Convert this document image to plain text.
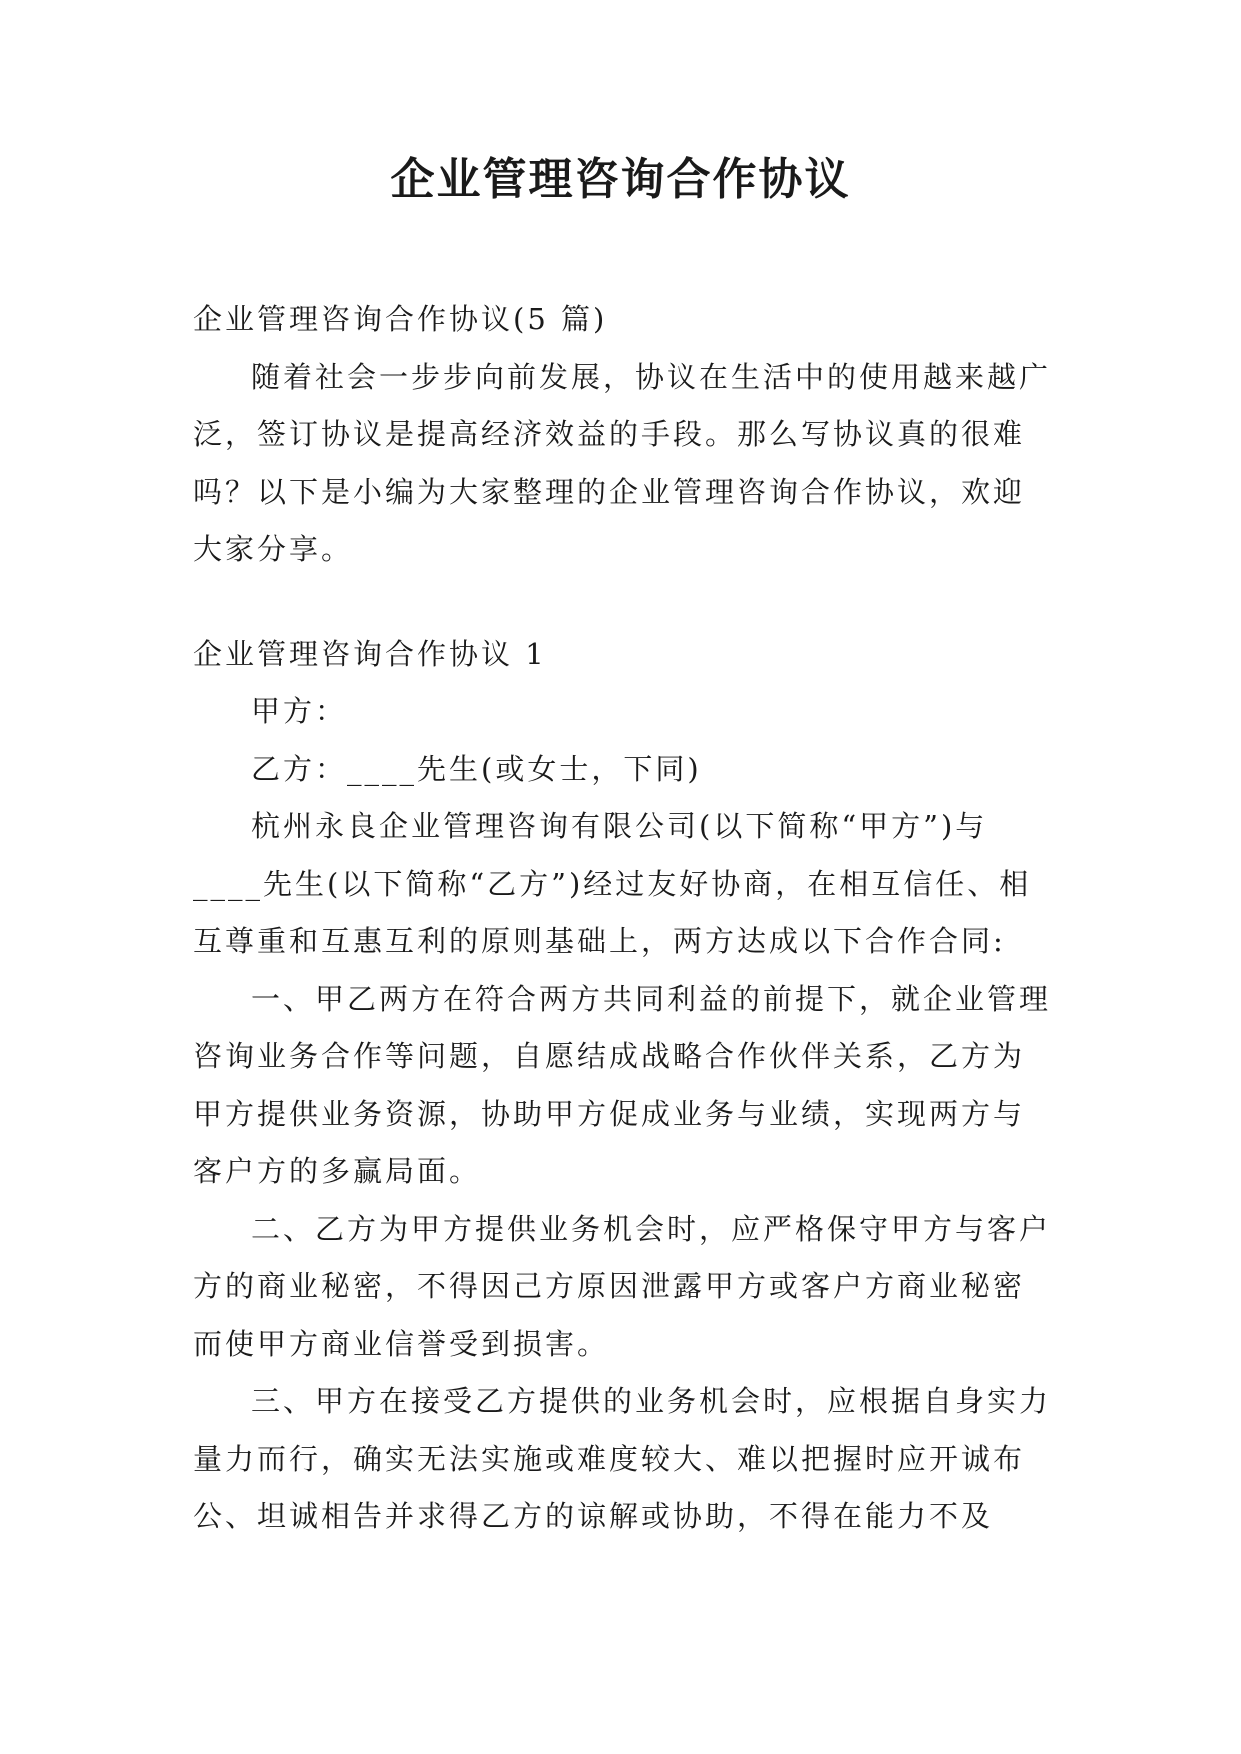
企业管理咨询合作协议

企业管理咨询合作协议(5 篇)

随着社会一步步向前发展，协议在生活中的使用越来越广泛，签订协议是提高经济效益的手段。那么写协议真的很难吗？以下是小编为大家整理的企业管理咨询合作协议，欢迎大家分享。

企业管理咨询合作协议 1

甲方：

乙方：____先生(或女士，下同)

杭州永良企业管理咨询有限公司(以下简称“甲方”)与____先生(以下简称“乙方”)经过友好协商，在相互信任、相互尊重和互惠互利的原则基础上，两方达成以下合作合同:

一、甲乙两方在符合两方共同利益的前提下，就企业管理咨询业务合作等问题，自愿结成战略合作伙伴关系，乙方为甲方提供业务资源，协助甲方促成业务与业绩，实现两方与客户方的多赢局面。

二、乙方为甲方提供业务机会时，应严格保守甲方与客户方的商业秘密，不得因己方原因泄露甲方或客户方商业秘密而使甲方商业信誉受到损害。

三、甲方在接受乙方提供的业务机会时，应根据自身实力量力而行，确实无法实施或难度较大、难以把握时应开诚布公、坦诚相告并求得乙方的谅解或协助，不得在能力不及
